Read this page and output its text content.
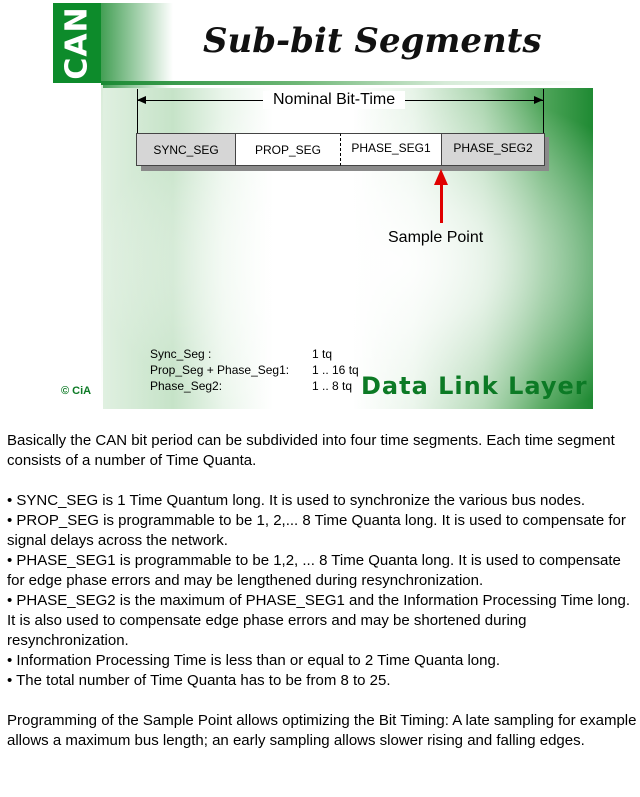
CAN	Sub-bit Segments
Nominal Bit-Time
SYNC_SEG	PROP_SEG	PHASE_SEG1	PHASE_SEG2
Sample Point
Sync_Seg :	1 tq
Prop_Seg + Phase_Seg1: 1 .. 16 tq
Phase_Seg2:	1 .. 8 tq Data Link Layer
© CiA

Basically the CAN bit period can be subdivided into four time segments. Each time segment consists of a number of Time Quanta.

• SYNC_SEG is 1 Time Quantum long. It is used to synchronize the various bus nodes.

• PROP_SEG is programmable to be 1, 2,... 8 Time Quanta long. It is used to compensate for signal delays across the network.

• PHASE_SEG1 is programmable to be 1,2, ... 8 Time Quanta long. It is used to compensate for edge phase errors and may be lengthened during resynchronization.

• PHASE_SEG2 is the maximum of PHASE_SEG1 and the Information Processing Time long. It is also used to compensate edge phase errors and may be shortened during resynchronization.

• Information Processing Time is less than or equal to 2 Time Quanta long.

• The total number of Time Quanta has to be from 8 to 25.

Programming of the Sample Point allows optimizing the Bit Timing: A late sampling for example allows a maximum bus length; an early sampling allows slower rising and falling edges.
